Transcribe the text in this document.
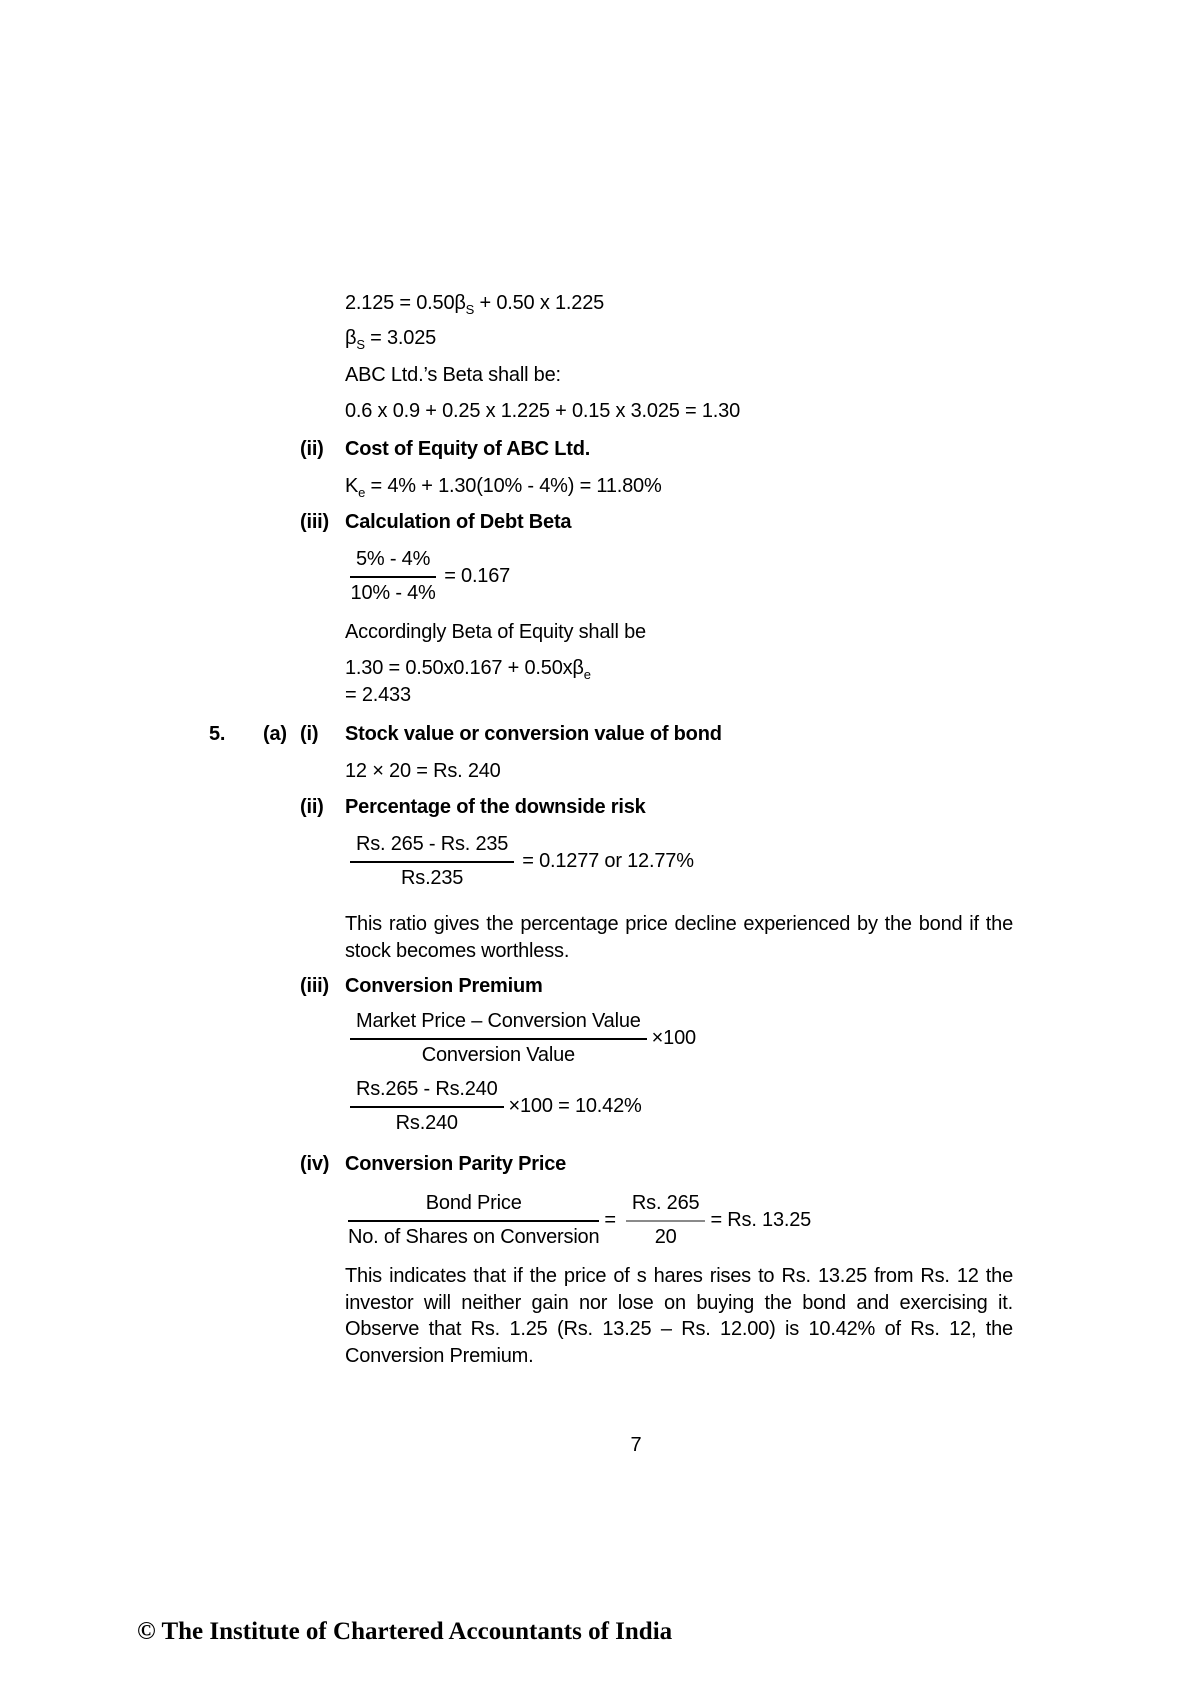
$2.125 = 0.50\beta_S + 0.50$ x 1.225
$\beta_S = 3.025$
ABC Ltd.’s Beta shall be:
0.6 x 0.9 + 0.25 x 1.225 + 0.15 x 3.025 = 1.30
(ii) Cost of Equity of ABC Ltd.
$K_e = 4\% + 1.30(10\% - 4\%) = 11.80\%$
(iii) Calculation of Debt Beta
$\frac{5\% - 4\%}{10\% - 4\%} = 0.167$
Accordingly Beta of Equity shall be
$1.30 = 0.50x0.167 + 0.50x\beta_e$
= 2.433
5. (a) (i) Stock value or conversion value of bond
12 × 20 = Rs. 240
(ii) Percentage of the downside risk
$\frac{Rs. 265 - Rs. 235}{Rs.235} = 0.1277$ or 12.77%
This ratio gives the percentage price decline experienced by the bond if the stock becomes worthless.
(iii) Conversion Premium
$\frac{\text{Market Price – Conversion Value}}{\text{Conversion Value}} \times 100$
$\frac{Rs.265 - Rs.240}{Rs.240} \times 100 = 10.42\%$
(iv) Conversion Parity Price
$\frac{\text{Bond Price}}{\text{No. of Shares on Conversion}} = \frac{Rs. 265}{20} = Rs$. 13.25
This indicates that if the price of s hares rises to Rs. 13.25 from Rs. 12 the investor will neither gain nor lose on buying the bond and exercising it. Observe that Rs. 1.25 (Rs. 13.25 – Rs. 12.00) is 10.42% of Rs. 12, the Conversion Premium.
7
© The Institute of Chartered Accountants of India
